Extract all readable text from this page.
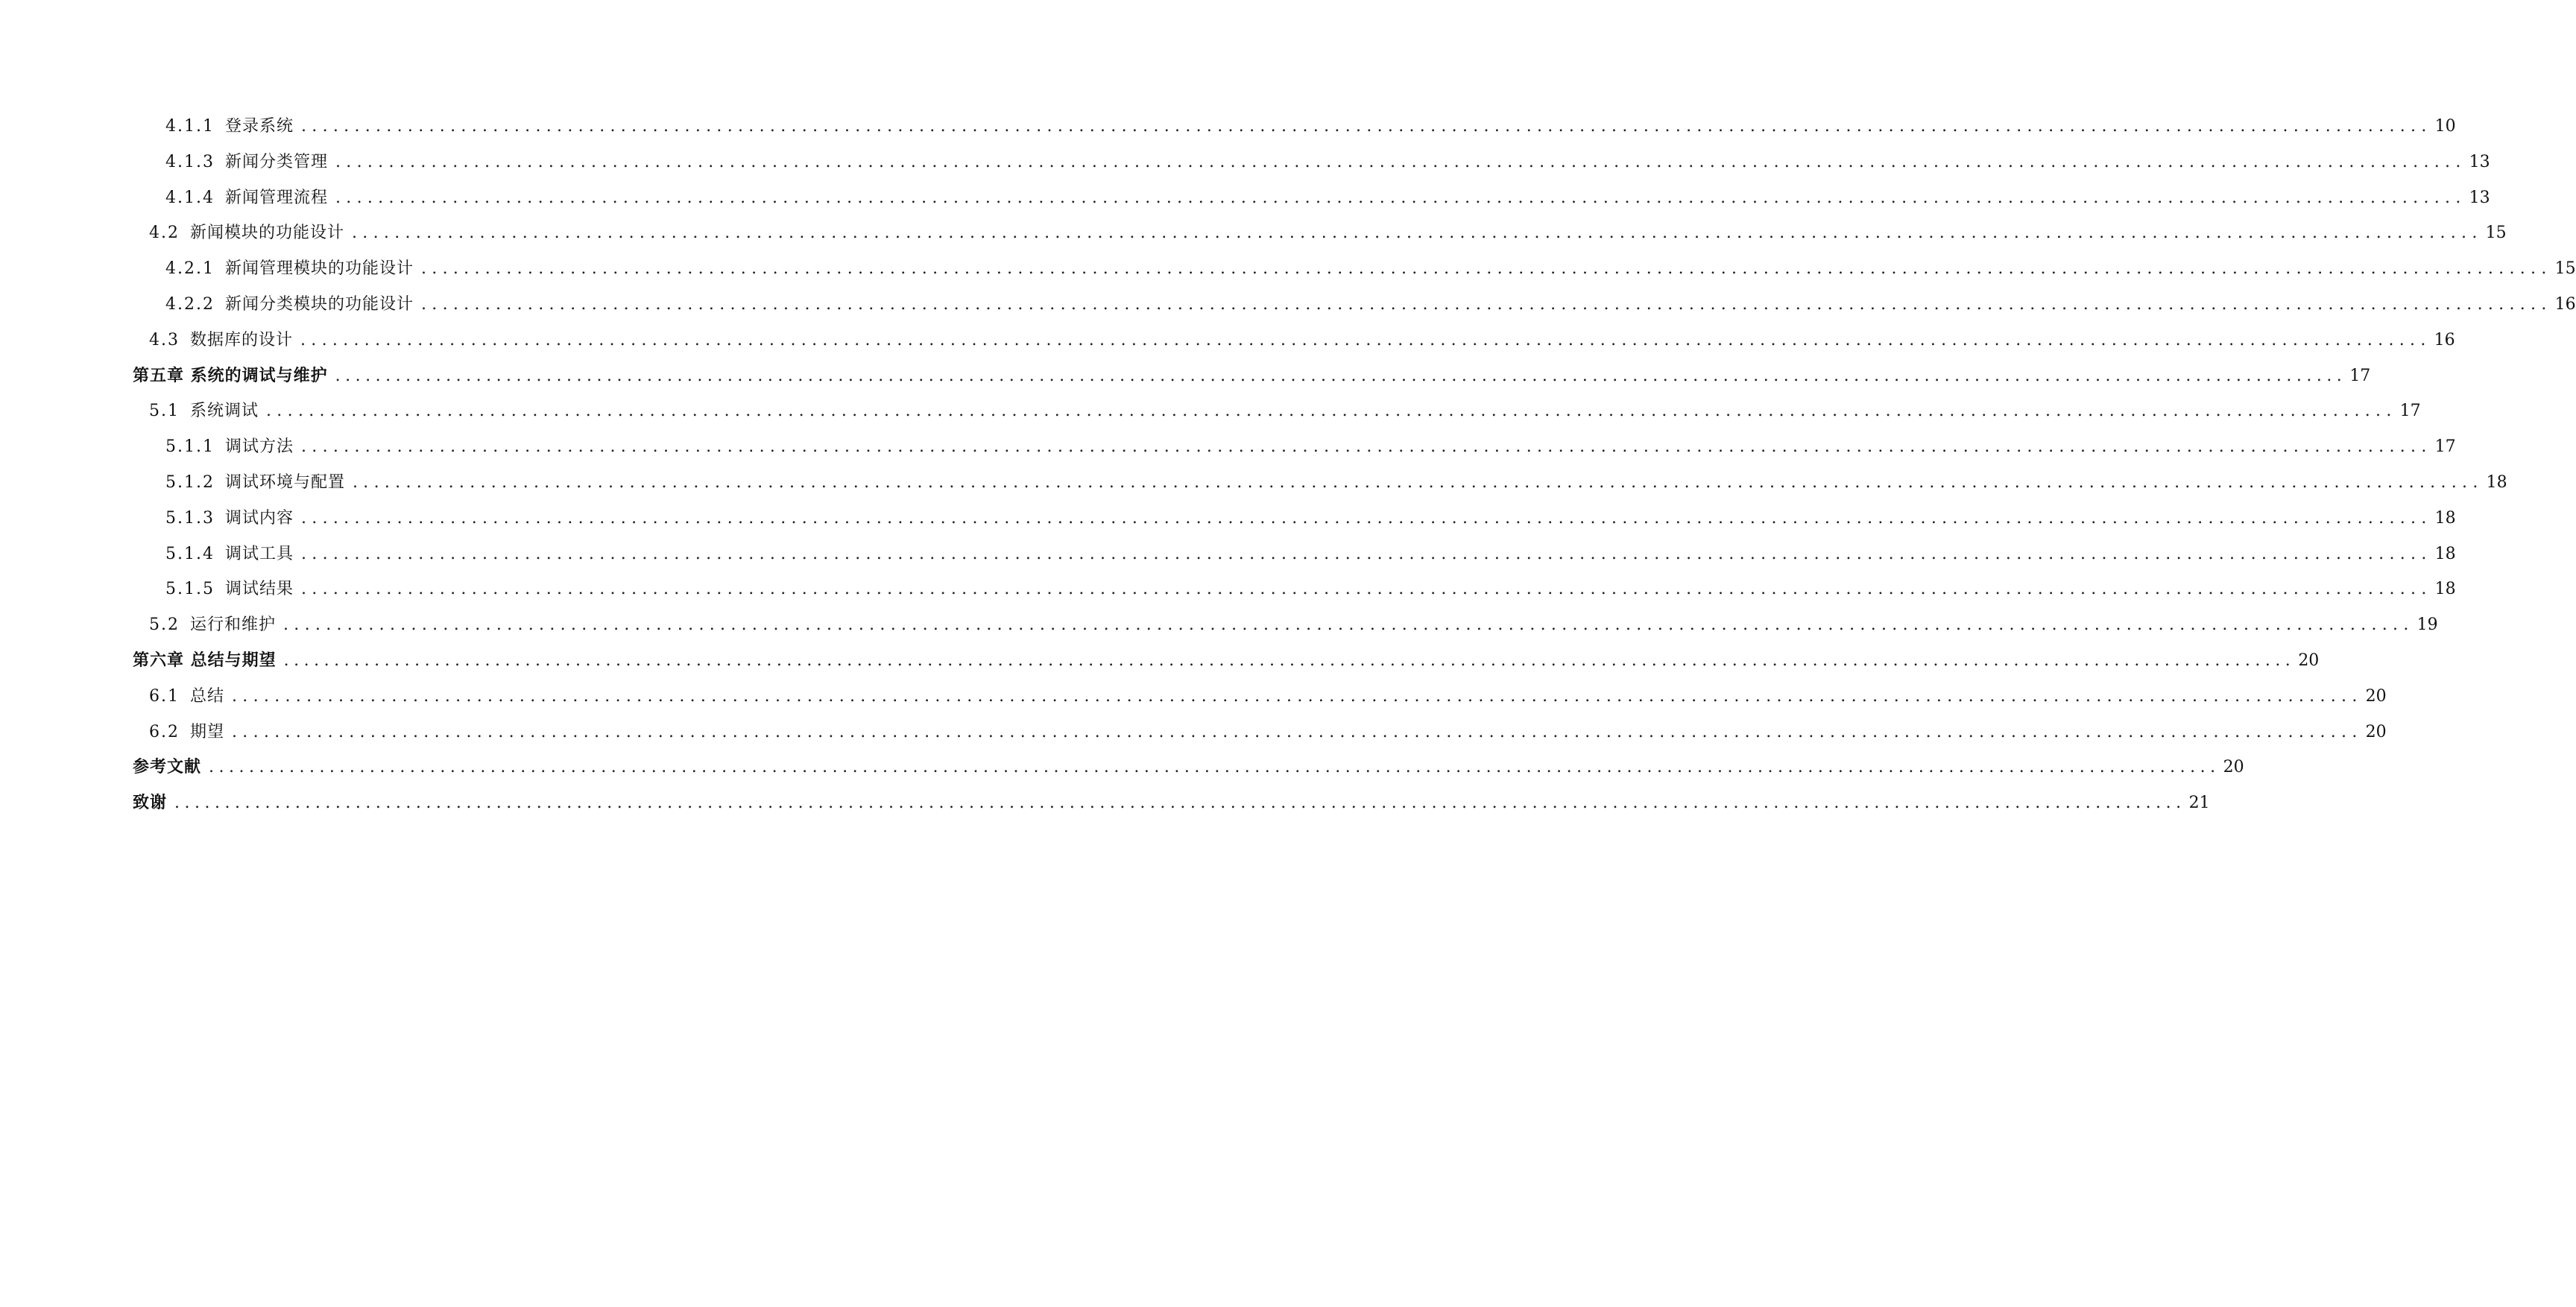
4.1.1 登录系统 ........................................................................................................................................................................................................ 10
4.1.3 新闻分类管理 ........................................................................................................................................................................................................ 13
4.1.4 新闻管理流程 ........................................................................................................................................................................................................ 13
4.2 新闻模块的功能设计 ........................................................................................................................................................................................................ 15
4.2.1 新闻管理模块的功能设计 ........................................................................................................................................................................................................ 15
4.2.2 新闻分类模块的功能设计 ........................................................................................................................................................................................................ 16
4.3 数据库的设计 ........................................................................................................................................................................................................ 16
第五章 系统的调试与维护 ........................................................................................................................................................................................................ 17
5.1 系统调试 ........................................................................................................................................................................................................ 17
5.1.1 调试方法 ........................................................................................................................................................................................................ 17
5.1.2 调试环境与配置 ........................................................................................................................................................................................................ 18
5.1.3 调试内容 ........................................................................................................................................................................................................ 18
5.1.4 调试工具 ........................................................................................................................................................................................................ 18
5.1.5 调试结果 ........................................................................................................................................................................................................ 18
5.2 运行和维护 ........................................................................................................................................................................................................ 19
第六章 总结与期望 ........................................................................................................................................................................................................ 20
6.1 总结 ........................................................................................................................................................................................................ 20
6.2 期望 ........................................................................................................................................................................................................ 20
参考文献 ........................................................................................................................................................................................................ 20
致谢 ........................................................................................................................................................................................................ 21
